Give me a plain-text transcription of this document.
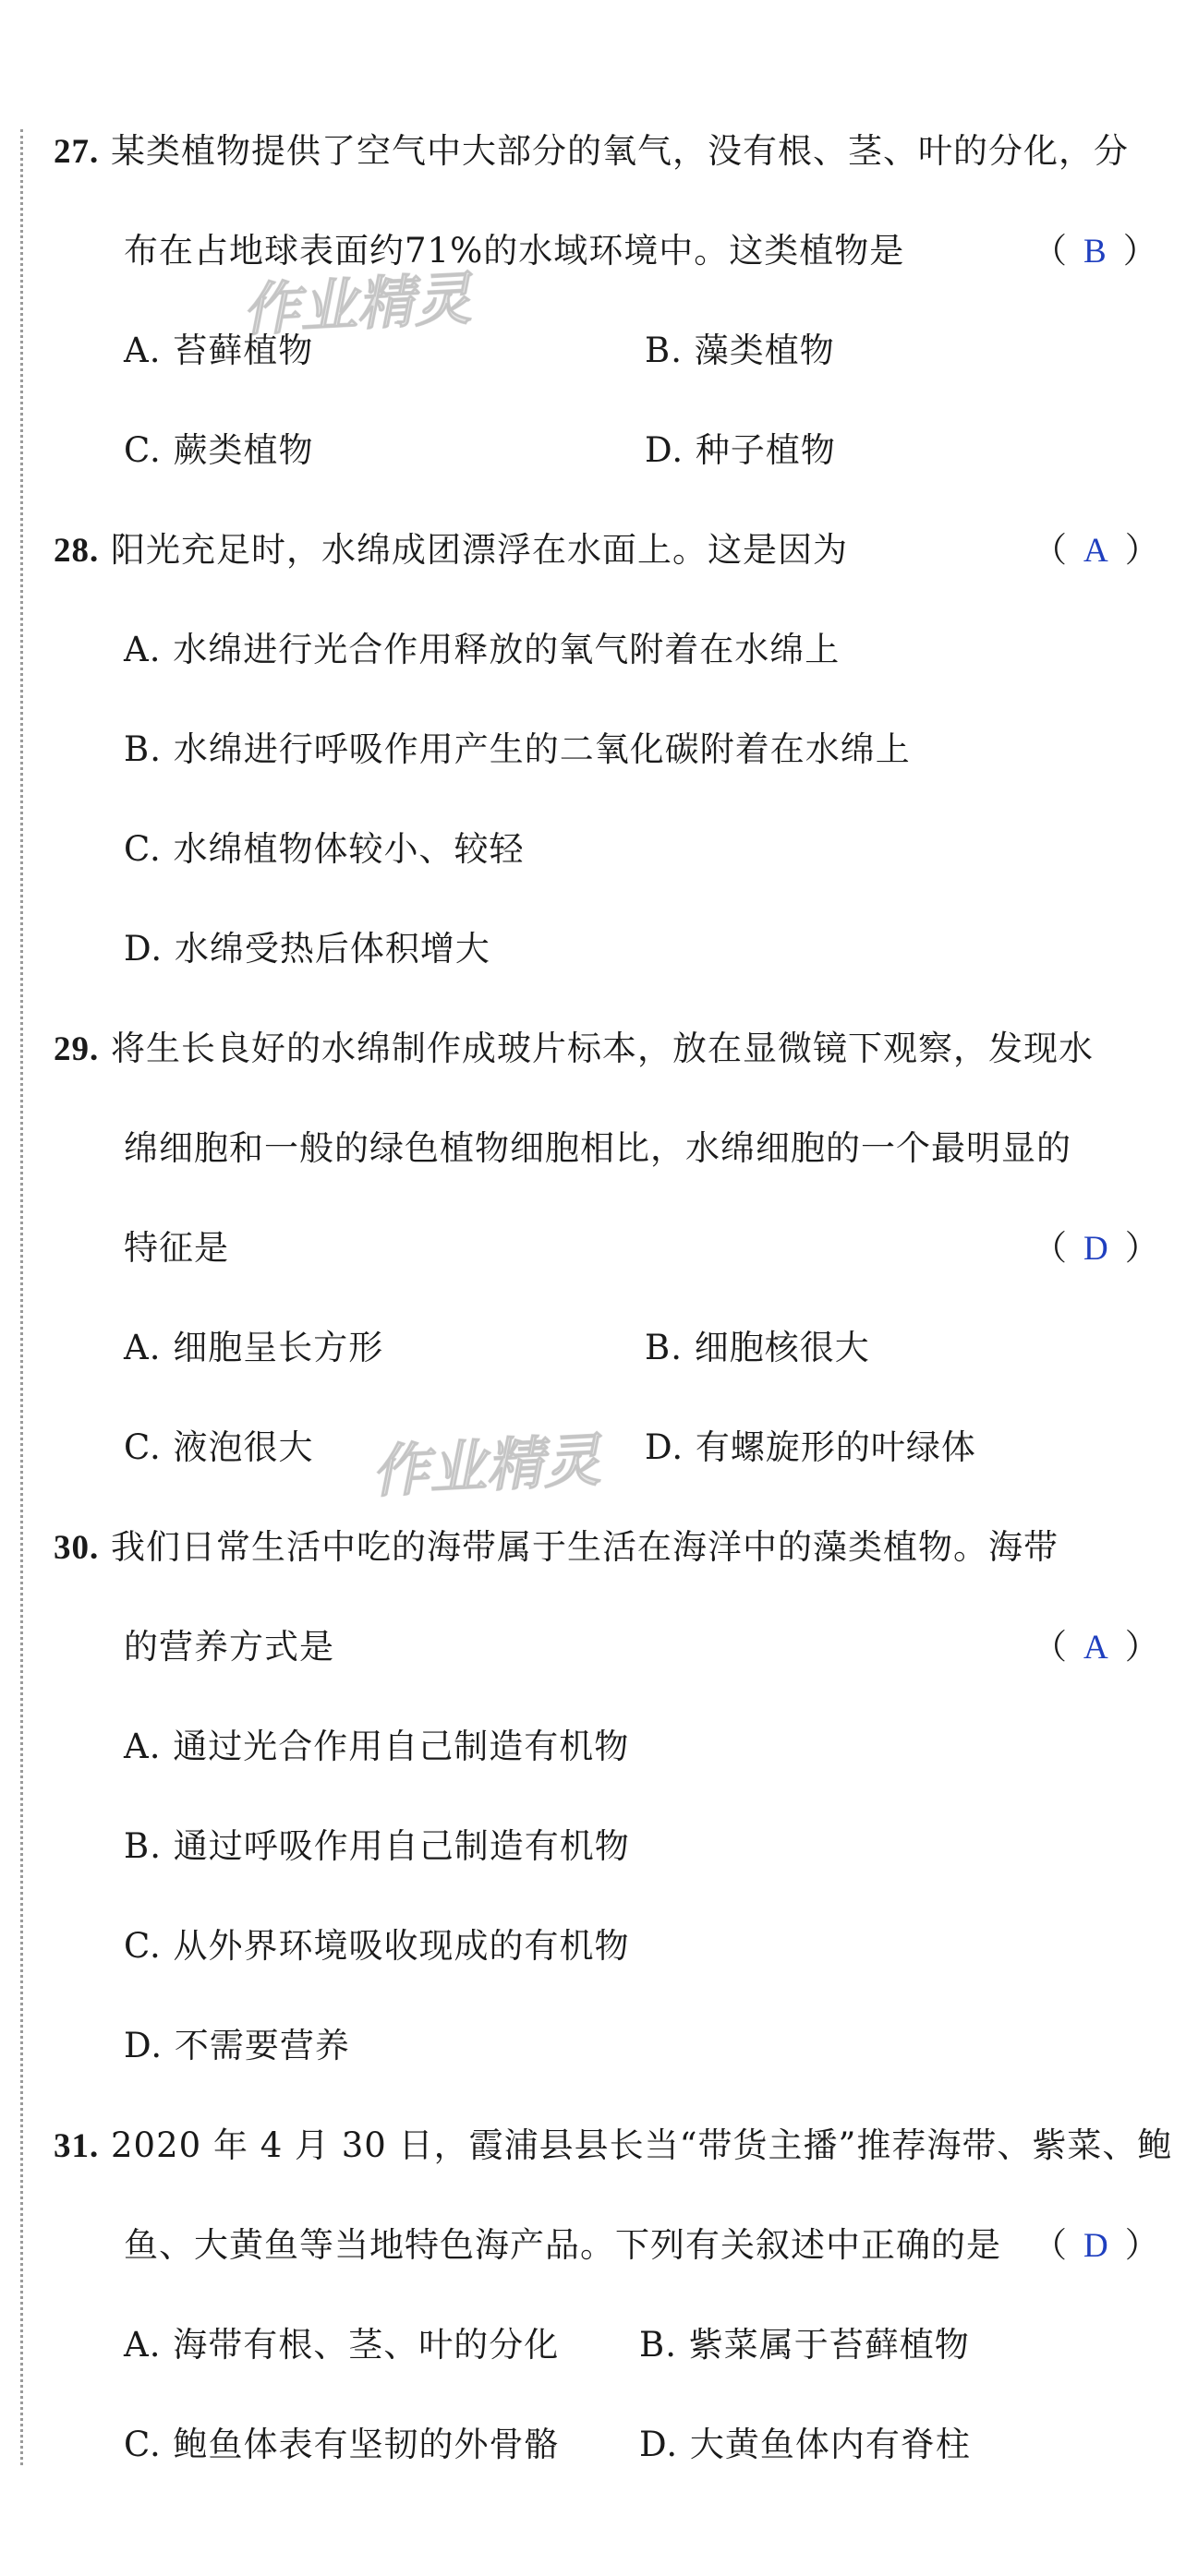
27. 某类植物提供了空气中大部分的氧气，没有根、茎、叶的分化，分
布在占地球表面约71%的水域环境中。这类植物是	（ B ）
A. 苔藓植物	B. 藻类植物
C. 蕨类植物	D. 种子植物
28. 阳光充足时，水绵成团漂浮在水面上。这是因为	（ A ）
A. 水绵进行光合作用释放的氧气附着在水绵上
B. 水绵进行呼吸作用产生的二氧化碳附着在水绵上
C. 水绵植物体较小、较轻
D. 水绵受热后体积增大
29. 将生长良好的水绵制作成玻片标本，放在显微镜下观察，发现水
绵细胞和一般的绿色植物细胞相比，水绵细胞的一个最明显的
特征是	（ D ）
A. 细胞呈长方形	B. 细胞核很大
C. 液泡很大	D. 有螺旋形的叶绿体
30. 我们日常生活中吃的海带属于生活在海洋中的藻类植物。海带
的营养方式是	（ A ）
A. 通过光合作用自己制造有机物
B. 通过呼吸作用自己制造有机物
C. 从外界环境吸收现成的有机物
D. 不需要营养
31. 2020 年 4 月 30 日，霞浦县县长当“带货主播”推荐海带、紫菜、鲍
鱼、大黄鱼等当地特色海产品。下列有关叙述中正确的是 （ D ）
A. 海带有根、茎、叶的分化 B. 紫菜属于苔藓植物
C. 鲍鱼体表有坚韧的外骨骼 D. 大黄鱼体内有脊柱
作业精灵
作业精灵
